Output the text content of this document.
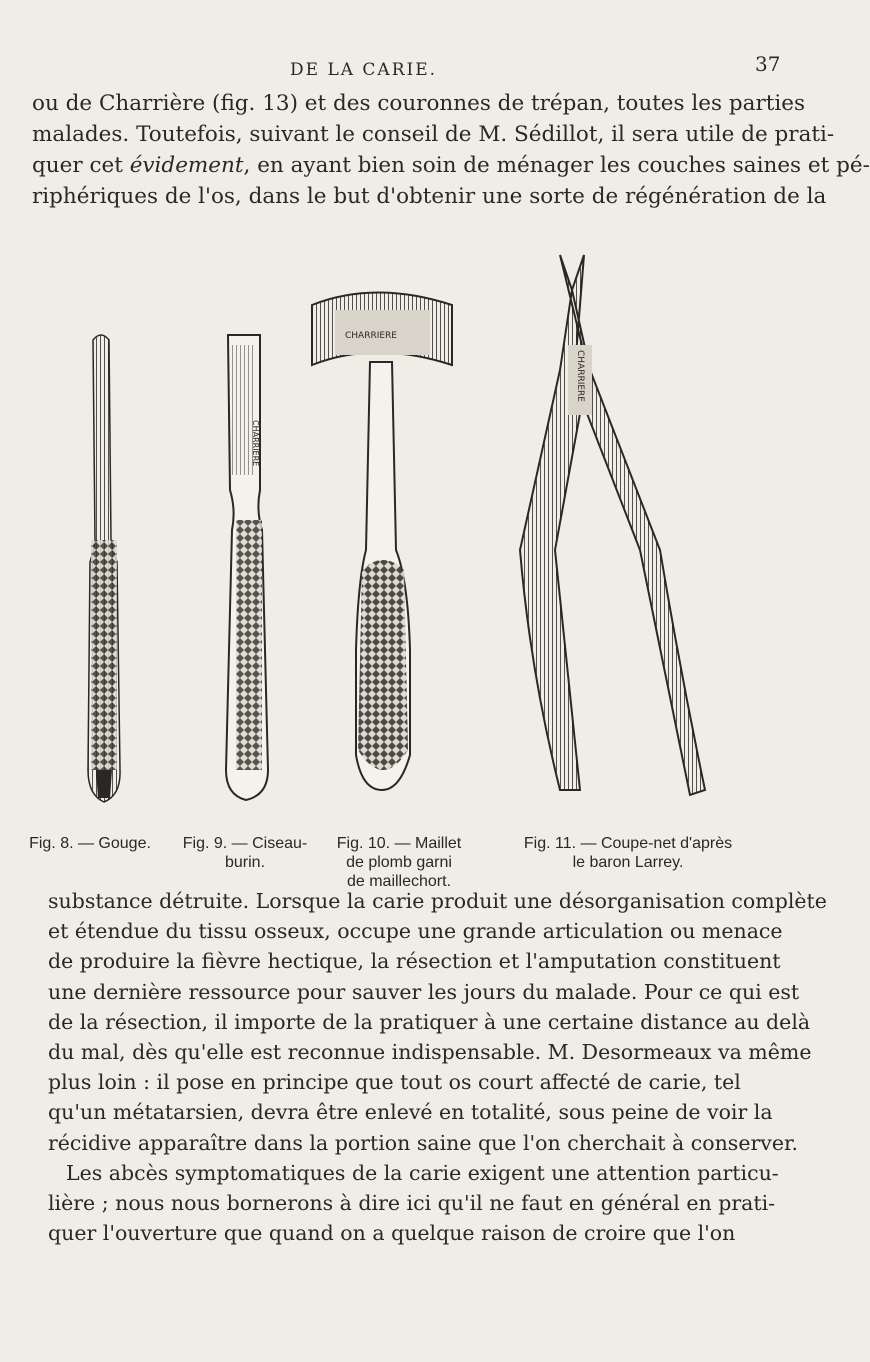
DE LA CARIE.	37
ou de Charrière (fig. 13) et des couronnes de trépan, toutes les parties
malades. Toutefois, suivant le conseil de M. Sédillot, il sera utile de prati-
quer cet évidement, en ayant bien soin de ménager les couches saines et pé-
riphériques de l'os, dans le but d'obtenir une sorte de régénération de la
CHARRIERE
CHARRIERE
CHARRIERE
Fig. 8. — Gouge.	Fig. 9. — Ciseau-
burin.
Fig. 10. — Maillet
de plomb garni
de maillechort.
Fig. 11. — Coupe-net d'après
le baron Larrey.
substance détruite. Lorsque la carie produit une désorganisation complète
et étendue du tissu osseux, occupe une grande articulation ou menace
de produire la fièvre hectique, la résection et l'amputation constituent
une dernière ressource pour sauver les jours du malade. Pour ce qui est
de la résection, il importe de la pratiquer à une certaine distance au delà
du mal, dès qu'elle est reconnue indispensable. M. Desormeaux va même
plus loin : il pose en principe que tout os court affecté de carie, tel
qu'un métatarsien, devra être enlevé en totalité, sous peine de voir la
récidive apparaître dans la portion saine que l'on cherchait à conserver.
Les abcès symptomatiques de la carie exigent une attention particu-
lière ; nous nous bornerons à dire ici qu'il ne faut en général en prati-
quer l'ouverture que quand on a quelque raison de croire que l'on
